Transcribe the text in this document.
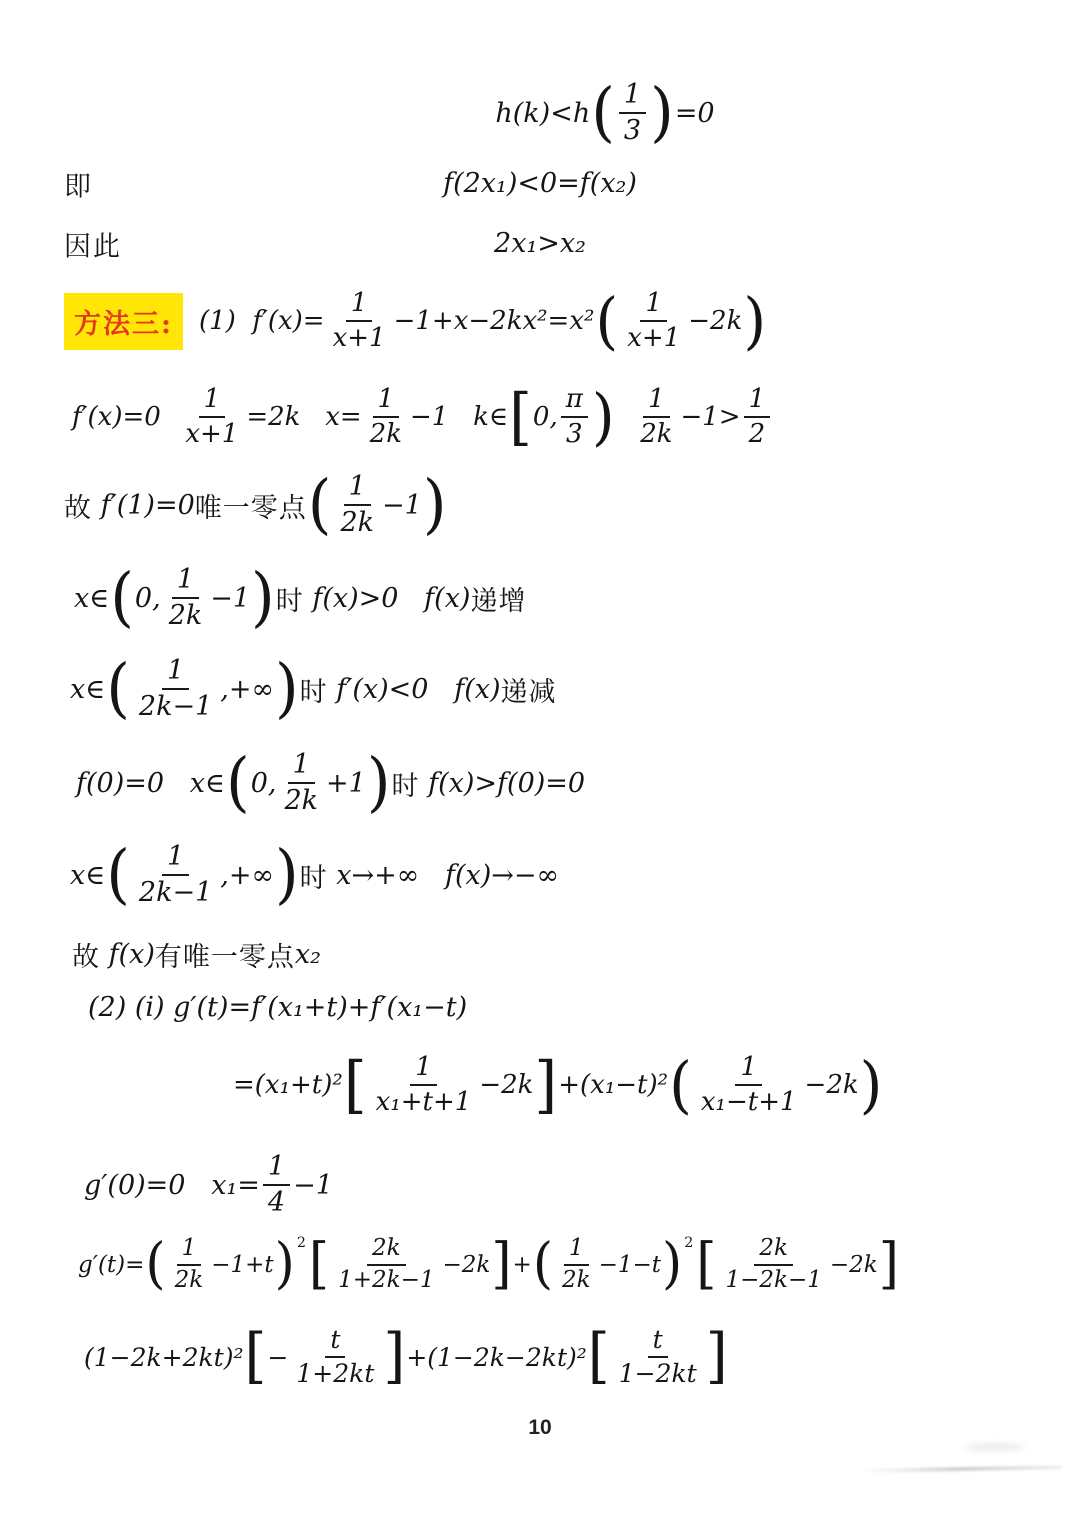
h(k)<h ( $\frac{1}{3}$ ) =0
即	f(2x₁)<0=f(x₂)
因此	2x₁>x₂
方法三:	(1)  $f'(x)= \frac{1}{x+1} -1+x-2kx^2=x^2$ ( $\frac{1}{x+1} -2k$ )
$f'(x)=0 \frac{1}{x+1} =2k$   $x= \frac{1}{2k} -1$   k∈ [ 0, $\frac{\pi}{3}$ )
$\frac{1}{2k} -1> \frac{1}{2}$
故 f′(1)=0 唯一零点 ( $\frac{1}{2k} -1$ )
x∈ ( 0, $\frac{1}{2k} -1$ ) 时 f(x)>0   f(x) 递增
x∈ ( $\frac{1}{2k-1}$ ,+∞ ) 时 f′(x)<0   f(x) 递减
f(0)=0   x∈ ( 0, $\frac{1}{2k} +1$ ) 时 f(x)>f(0)=0
x∈ ( $\frac{1}{2k-1}$ ,+∞ ) 时 x→+∞   f(x)→−∞
故 f(x) 有唯一零点 x₂
(2) (i) g′(t)=f′(x₁+t)+f′(x₁−t)
=(x₁+t)² [ $\frac{1}{\text{x₁+t+1}} -2k$ ] +(x₁−t)² ( $\frac{1}{\text{x₁−t+1}} -2k$ )
g′(0)=0   $x_1= \frac{1}{4} -1$
g′(t)= ( $\frac{1}{2k} -1+t$ ) 2 [ $\frac{2k}{1+2k-1} -2k$ ] + ( $\frac{1}{2k} -1-t$ ) 2 [ $\frac{2k}{1-2k-1} -2k$ ]
(1−2k+2kt)² [ − $\frac{t}{1+2kt}$ ] +(1−2k−2kt)² [ $\frac{t}{1-2kt}$ ]
10
